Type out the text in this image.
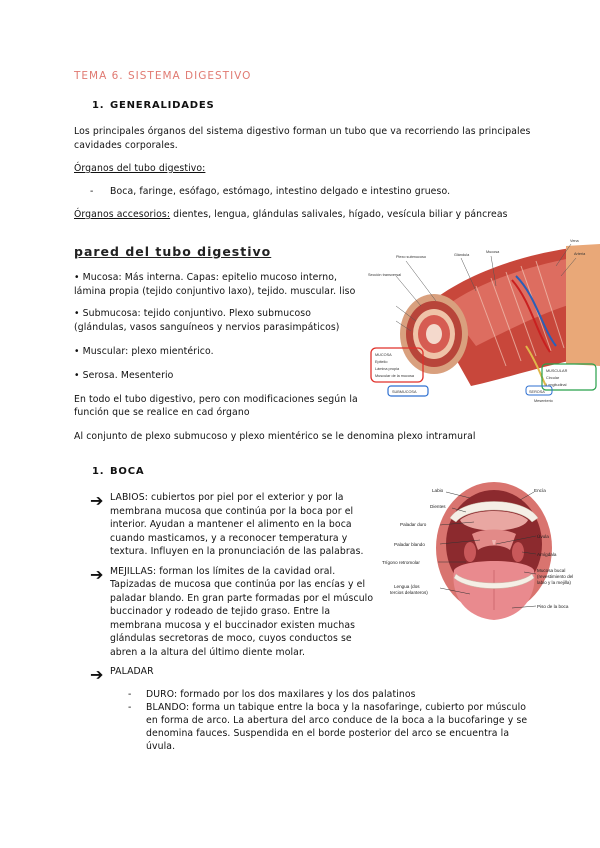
TEMA 6. SISTEMA DIGESTIVO
1. GENERALIDADES
Los principales órganos del sistema digestivo forman un tubo que va recorriendo las principales
cavidades corporales.
Órganos del tubo digestivo:
- Boca, faringe, esófago, estómago, intestino delgado e intestino grueso.
Órganos accesorios: dientes, lengua, glándulas salivales, hígado, vesícula biliar y páncreas
pared del tubo digestivo
• Mucosa: Más interna. Capas: epitelio mucoso interno,
lámina propia (tejido conjuntivo laxo), tejido. muscular. liso
• Submucosa: tejido conjuntivo. Plexo submucoso
(glándulas, vasos sanguíneos y nervios parasimpáticos)
• Muscular: plexo mientérico.
• Serosa. Mesenterio
En todo el tubo digestivo, pero con modificaciones según la
función que se realice en cad órgano
Al conjunto de plexo submucoso y plexo mientérico se le denomina plexo intramural
Sección transversal
Plexo submucoso	Glándula
Mucosa
Vena
Arteria
Mesenterio
MUCOSA
Epitelio
Lámina propia
Muscular de la mucosa
SUBMUCOSA
MUSCULAR
Circular
Longitudinal
SEROSA
1. BOCA
➔ LABIOS: cubiertos por piel por el exterior y por la
membrana mucosa que continúa por la boca por el
interior. Ayudan a mantener el alimento en la boca
cuando masticamos, y a reconocer temperatura y
textura. Influyen en la pronunciación de las palabras.
➔ MEJILLAS: forman los límites de la cavidad oral.
Tapizadas de mucosa que continúa por las encías y el
paladar blando. En gran parte formadas por el músculo
buccinador y rodeado de tejido graso. Entre la
membrana mucosa y el buccinador existen muchas
glándulas secretoras de moco, cuyos conductos se
abren a la altura del último diente molar.
➔ PALADAR
- DURO: formado por los dos maxilares y los dos palatinos
- BLANDO: forma un tabique entre la boca y la nasofaringe, cubierto por músculo
en forma de arco. La abertura del arco conduce de la boca a la bucofaringe y se
denomina fauces. Suspendida en el borde posterior del arco se encuentra la
úvula.
Labio	Encía
Dientes
Paladar duro
Úvula
Paladar blando
Amígdala
Trígono retromolar
Mucosa bucal
(revestimiento del
labio y la mejilla)
Lengua (dos
tercios delanteros)
Piso de la boca
